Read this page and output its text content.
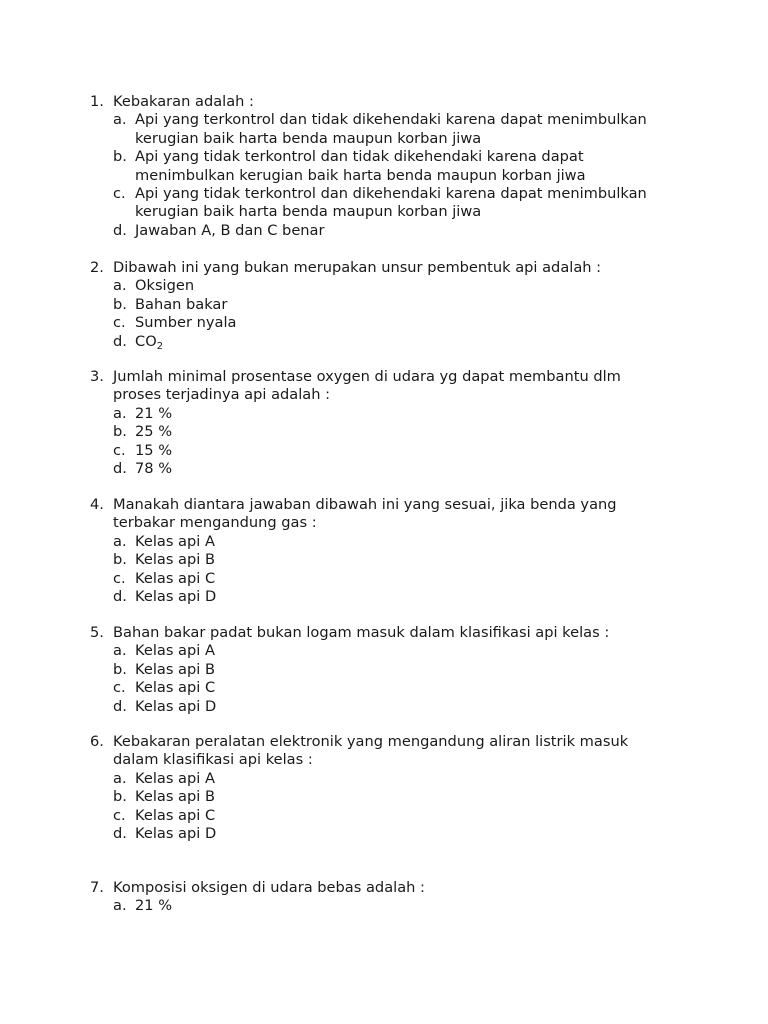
1. Kebakaran adalah :
a. Api yang terkontrol dan tidak dikehendaki karena dapat menimbulkan
kerugian baik harta benda maupun korban jiwa
b. Api yang tidak terkontrol dan tidak dikehendaki karena dapat
menimbulkan kerugian baik harta benda maupun korban jiwa
c. Api yang tidak terkontrol dan dikehendaki karena dapat menimbulkan
kerugian baik harta benda maupun korban jiwa
d. Jawaban A, B dan C benar
2. Dibawah ini yang bukan merupakan unsur pembentuk api adalah :
a. Oksigen
b. Bahan bakar
c. Sumber nyala
d. $CO_2$
3. Jumlah minimal prosentase oxygen di udara yg dapat membantu dlm
proses terjadinya api adalah :
a. 21 %
b. 25 %
c. 15 %
d. 78 %
4. Manakah diantara jawaban dibawah ini yang sesuai, jika benda yang
terbakar mengandung gas :
a. Kelas api A
b. Kelas api B
c. Kelas api C
d. Kelas api D
5. Bahan bakar padat bukan logam masuk dalam klasifikasi api kelas :
a. Kelas api A
b. Kelas api B
c. Kelas api C
d. Kelas api D
6. Kebakaran peralatan elektronik yang mengandung aliran listrik masuk
dalam klasifikasi api kelas :
a. Kelas api A
b. Kelas api B
c. Kelas api C
d. Kelas api D
7. Komposisi oksigen di udara bebas adalah :
a. 21 %
